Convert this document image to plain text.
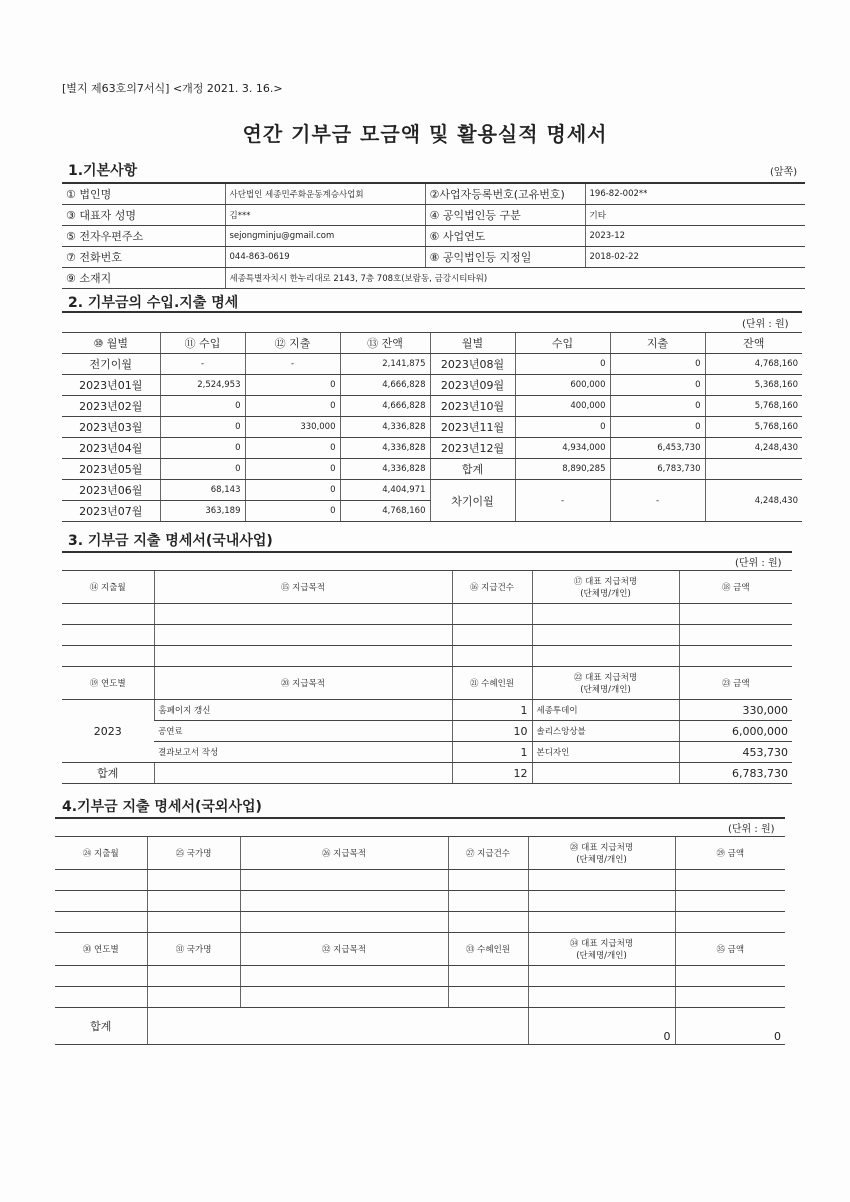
[별지 제63호의7서식] <개정 2021. 3. 16.>
연간 기부금 모금액 및 활용실적 명세서
1.기본사항	(앞쪽)
① 법인명	사단법인 세종민주화운동계승사업회	②사업자등록번호(고유번호)	196-82-002**
③ 대표자 성명	김***	④ 공익법인등 구분	기타
⑤ 전자우편주소	sejongminju@gmail.com	⑥ 사업연도	2023-12
⑦ 전화번호	044-863-0619	⑧ 공익법인등 지정일	2018-02-22
⑨ 소재지	세종특별자치시 한누리대로 2143, 7층 708호(보람동, 금강시티타워)		
2. 기부금의 수입.지출 명세
(단위 : 원)
⑩ 월별	⑪ 수입	⑫ 지출	⑬ 잔액	월별	수입	지출	잔액
전기이월	-	-	2,141,875	2023년08월	0	0	4,768,160
2023년01월	2,524,953	0	4,666,828	2023년09월	600,000	0	5,368,160
2023년02월	0	0	4,666,828	2023년10월	400,000	0	5,768,160
2023년03월	0	330,000	4,336,828	2023년11월	0	0	5,768,160
2023년04월	0	0	4,336,828	2023년12월	4,934,000	6,453,730	4,248,430
2023년05월	0	0	4,336,828	합계	8,890,285	6,783,730	
2023년06월	68,143	0	4,404,971	차기이월	-	-	4,248,430
2023년07월	363,189	0	4,768,160				
3. 기부금 지출 명세서(국내사업)
(단위 : 원)
⑭ 지출월	⑮ 지급목적	⑯ 지급건수	⑰ 대표 지급처명
(단체명/개인)	⑱ 금액

⑲ 연도별	⑳ 지급목적	㉑ 수혜인원	㉒ 대표 지급처명
(단체명/개인)	㉓ 금액
2023	홈페이지 갱신	1	세종투데이	330,000
	공연료	10	솔리스앙상블	6,000,000
	결과보고서 작성	1	본디자인	453,730
합계		12		6,783,730
4.기부금 지출 명세서(국외사업)
(단위 : 원)
㉔ 지출월	㉕ 국가명	㉖ 지급목적	㉗ 지급건수	㉘ 대표 지급처명
(단체명/개인)	㉙ 금액

㉚ 연도별	㉛ 국가명	㉜ 지급목적	㉝ 수혜인원	㉞ 대표 지급처명
(단체명/개인)	㉟ 금액

합계				0	0
